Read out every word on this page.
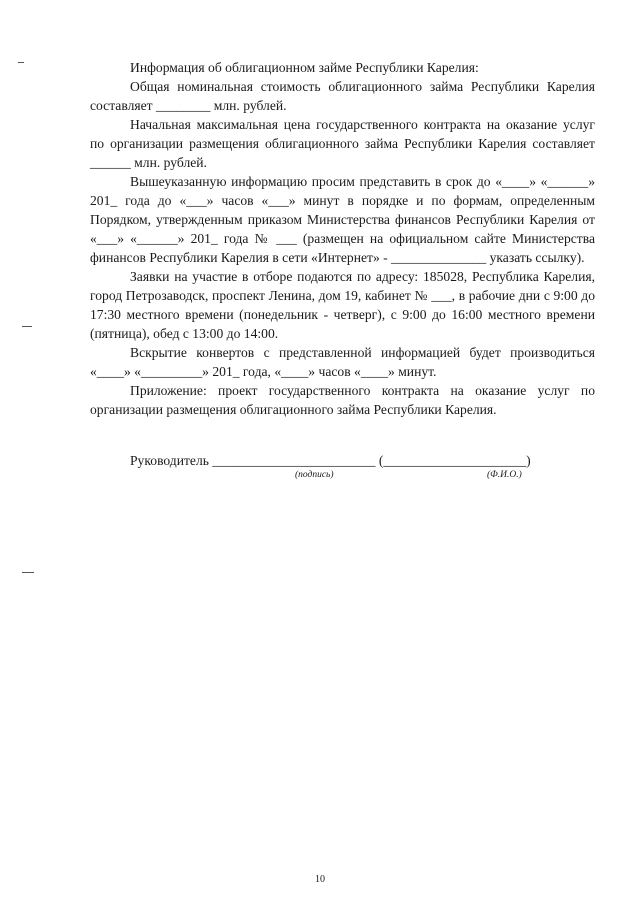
Информация об облигационном займе Республики Карелия:

Общая номинальная стоимость облигационного займа Республики Карелия составляет ________ млн. рублей.

Начальная максимальная цена государственного контракта на оказание услуг по организации размещения облигационного займа Республики Карелия составляет ______ млн. рублей.

Вышеуказанную информацию просим представить в срок до «____» «______» 201_ года до «___» часов «___» минут в порядке и по формам, определенным Порядком, утвержденным приказом Министерства финансов Республики Карелия от «___» «______» 201_ года № ___ (размещен на официальном сайте Министерства финансов Республики Карелия в сети «Интернет» - ______________ указать ссылку).

Заявки на участие в отборе подаются по адресу: 185028, Республика Карелия, город Петрозаводск, проспект Ленина, дом 19, кабинет № ___, в рабочие дни с 9:00 до 17:30 местного времени (понедельник - четверг), с 9:00 до 16:00 местного времени (пятница), обед с 13:00 до 14:00.

Вскрытие конвертов с представленной информацией будет производиться «____» «_________» 201_ года, «____» часов «____» минут.

Приложение: проект государственного контракта на оказание услуг по организации размещения облигационного займа Республики Карелия.

Руководитель ________________________ (_____________________)
(подпись)	(Ф.И.О.)
10
